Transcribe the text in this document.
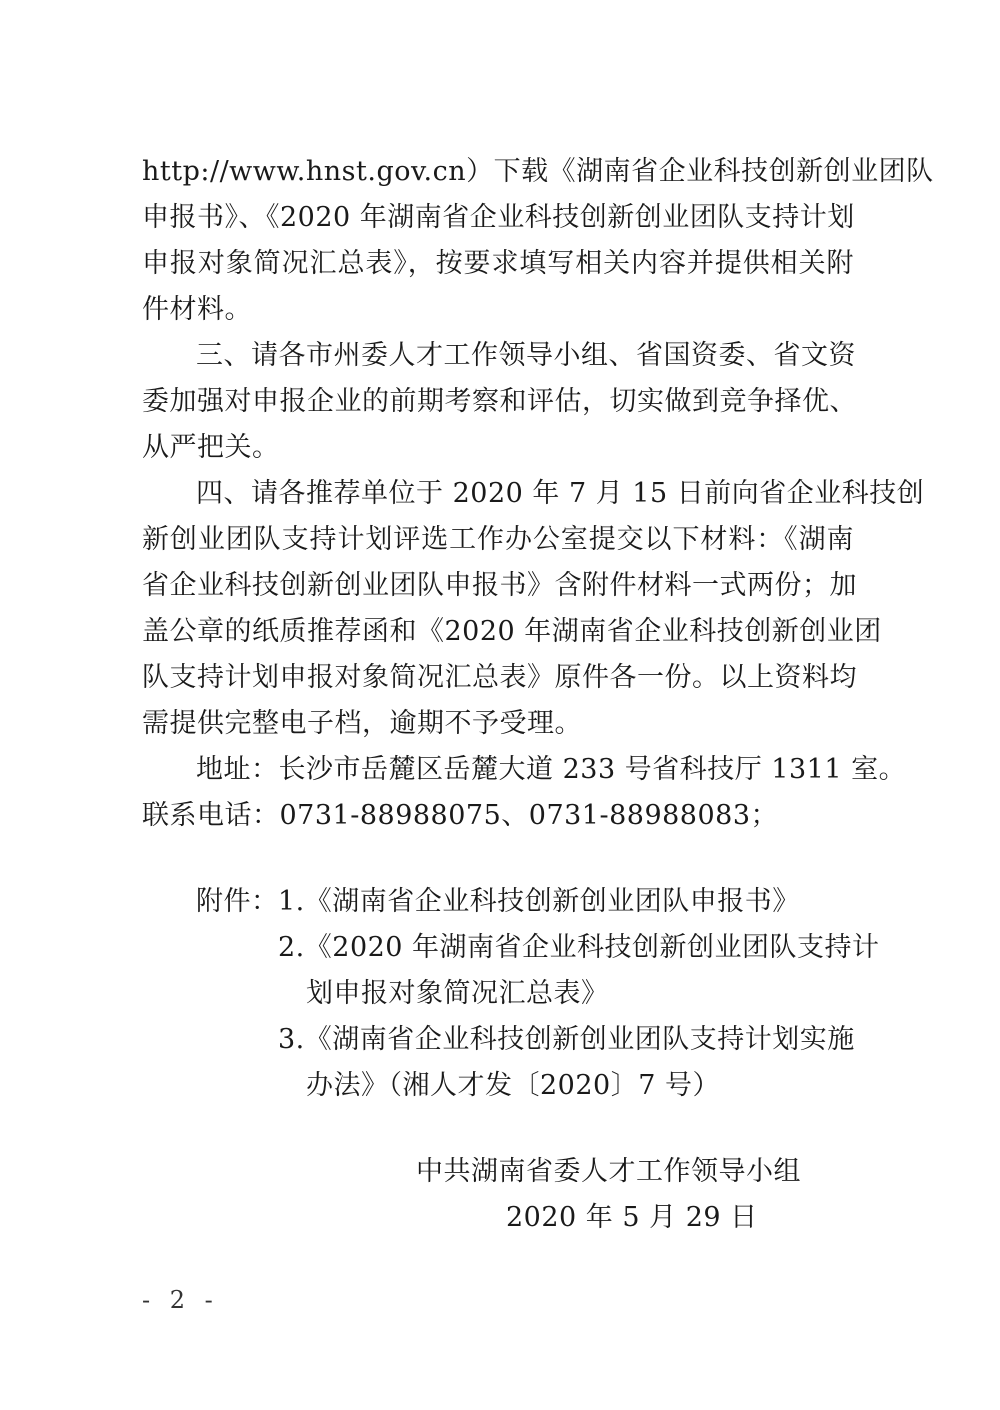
http://www.hnst.gov.cn）下载《湖南省企业科技创新创业团队
申报书》、《2020 年湖南省企业科技创新创业团队支持计划
申报对象简况汇总表》，按要求填写相关内容并提供相关附
件材料。
三、请各市州委人才工作领导小组、省国资委、省文资
委加强对申报企业的前期考察和评估，切实做到竞争择优、
从严把关。
四、请各推荐单位于 2020 年 7 月 15 日前向省企业科技创
新创业团队支持计划评选工作办公室提交以下材料：《湖南
省企业科技创新创业团队申报书》含附件材料一式两份；加
盖公章的纸质推荐函和《2020 年湖南省企业科技创新创业团
队支持计划申报对象简况汇总表》原件各一份。以上资料均
需提供完整电子档，逾期不予受理。
地址：长沙市岳麓区岳麓大道 233 号省科技厅 1311 室。
联系电话：0731-88988075、0731-88988083；
附件： 1.《湖南省企业科技创新创业团队申报书》
2.《2020 年湖南省企业科技创新创业团队支持计
划申报对象简况汇总表》
3.《湖南省企业科技创新创业团队支持计划实施
办法》（湘人才发〔2020〕7 号）
中共湖南省委人才工作领导小组
2020 年 5 月 29 日
- 2 -
